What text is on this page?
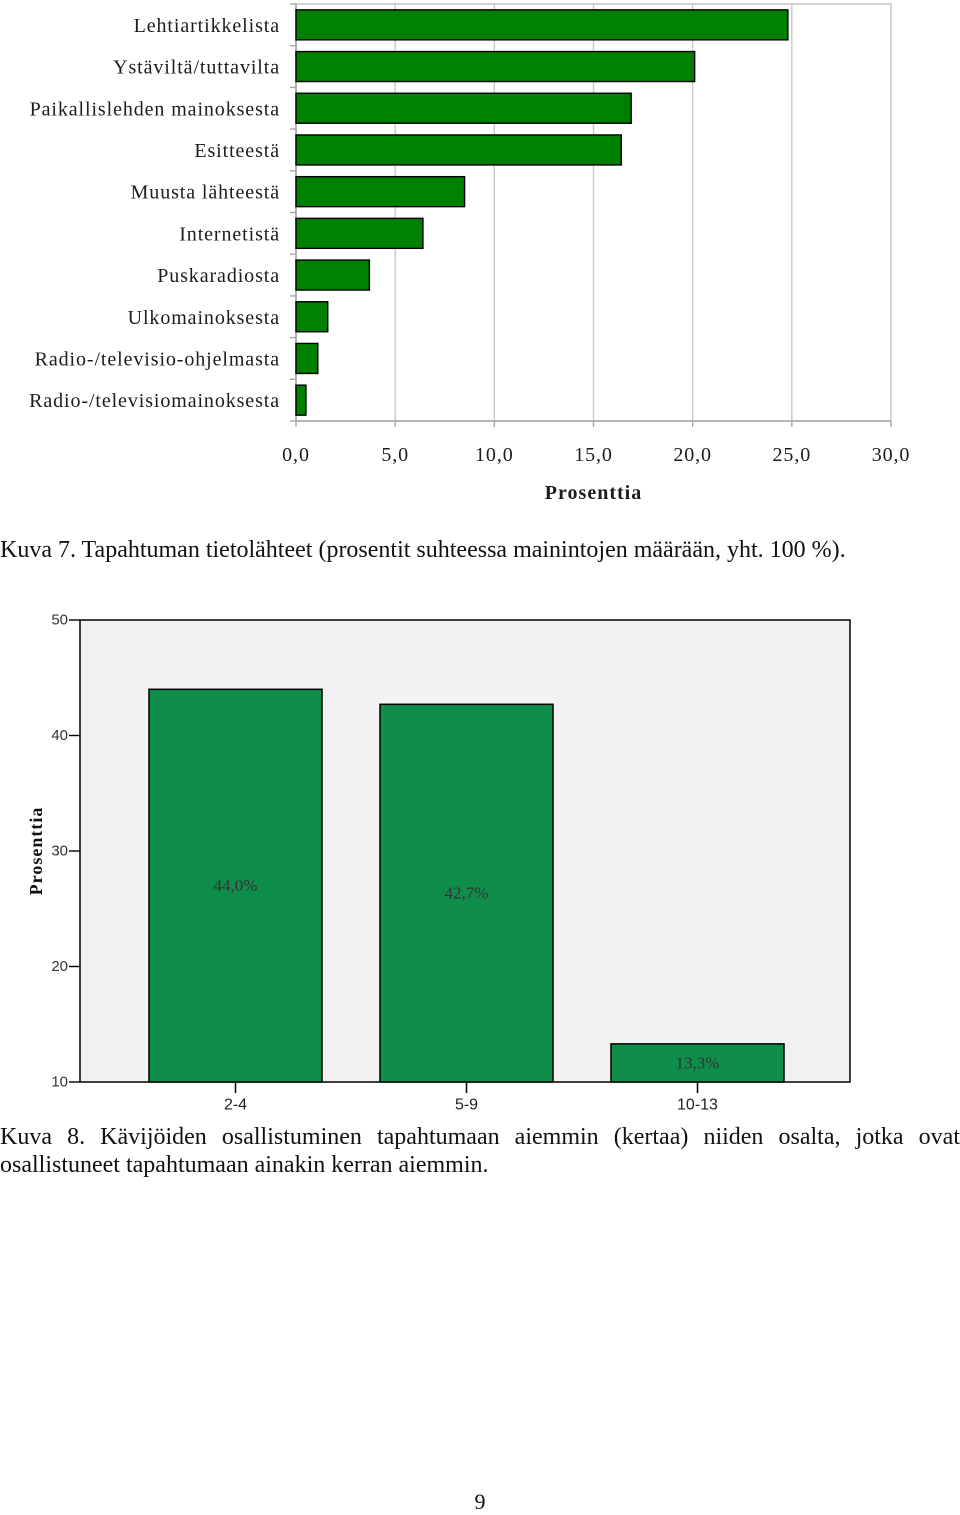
0,0	5,0	10,0	15,0	20,0	25,0	30,0
Lehtiartikkelista
Ystäviltä/tuttavilta
Paikallislehden mainoksesta
Esitteestä
Muusta lähteestä
Internetistä
Puskaradiosta
Ulkomainoksesta
Radio-/televisio-ohjelmasta
Radio-/televisiomainoksesta
Prosenttia
Kuva 7. Tapahtuman tietolähteet (prosentit suhteessa mainintojen määrään, yht. 100 %).
10
20
30
40
50
44,0%
2-4
42,7%
5-9
13,3%
10-13
Prosenttia
Kuva 8. Kävijöiden osallistuminen tapahtumaan aiemmin (kertaa) niiden osalta, jotka ovat osallistuneet tapahtumaan ainakin kerran aiemmin.
9
